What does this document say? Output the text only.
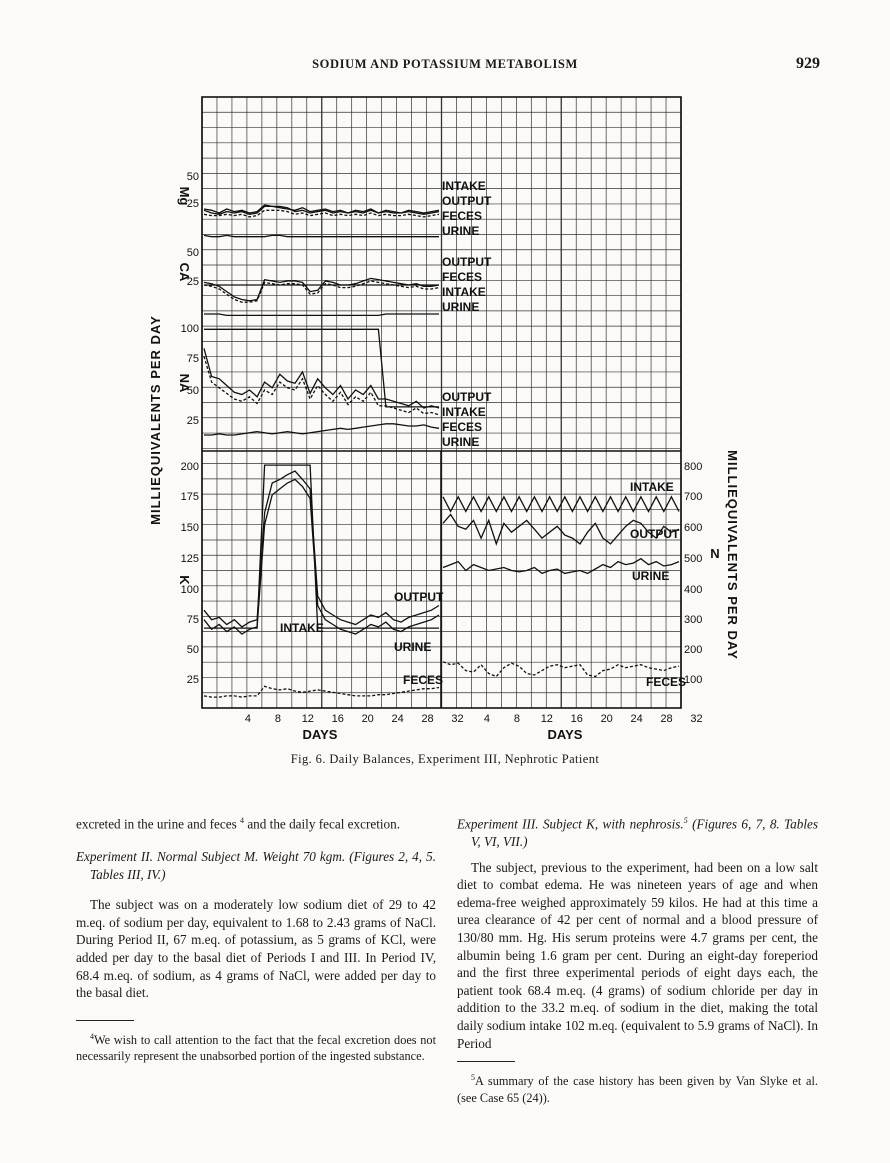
SODIUM AND POTASSIUM METABOLISM	929
50
25
50
25
100
75
50
25
200
175
150
125
100
75
50
25
800
700
600
500
400
300
200
100
Mg
CA
NA
K
N
MILLIEQUIVALENTS PER DAY
MILLIEQUIVALENTS PER DAY
4 8 12 16 20 24 28 32 4 8 12 16 20 24 28 32
DAYS	DAYS
INTAKE
OUTPUT
FECES
URINE
OUTPUT
FECES
INTAKE
URINE
OUTPUT
INTAKE
FECES
URINE
INTAKE
OUTPUT
URINE
FECES
INTAKE
OUTPUT
URINE
FECES
Fig. 6. Daily Balances, Experiment III, Nephrotic Patient

excreted in the urine and feces $^4$ and the daily fecal excretion.

Experiment II. Normal Subject M. Weight 70 kgm. (Figures 2, 4, 5. Tables III, IV.)

The subject was on a moderately low sodium diet of 29 to 42 m.eq. of sodium per day, equivalent to 1.68 to 2.43 grams of NaCl. During Period II, 67 m.eq. of potassium, as 5 grams of KCl, were added per day to the basal diet of Periods I and III. In Period IV, 68.4 m.eq. of sodium, as 4 grams of NaCl, were added per day to the basal diet.

$^4$We wish to call attention to the fact that the fecal excretion does not necessarily represent the unabsorbed portion of the ingested substance.

Experiment III. Subject K, with nephrosis.$^5$ (Figures 6, 7, 8. Tables V, VI, VII.)

The subject, previous to the experiment, had been on a low salt diet to combat edema. He was nineteen years of age and when edema-free weighed approximately 59 kilos. He had at this time a urea clearance of 42 per cent of normal and a blood pressure of 130/80 mm. Hg. His serum proteins were 4.7 grams per cent, the albumin being 1.6 gram per cent. During an eight-day foreperiod and the first three experimental periods of eight days each, the patient took 68.4 m.eq. (4 grams) of sodium chloride per day in addition to the 33.2 m.eq. of sodium in the diet, making the total daily sodium intake 102 m.eq. (equivalent to 5.9 grams of NaCl). In Period

$^5$A summary of the case history has been given by Van Slyke et al. (see Case 65 (24)).
